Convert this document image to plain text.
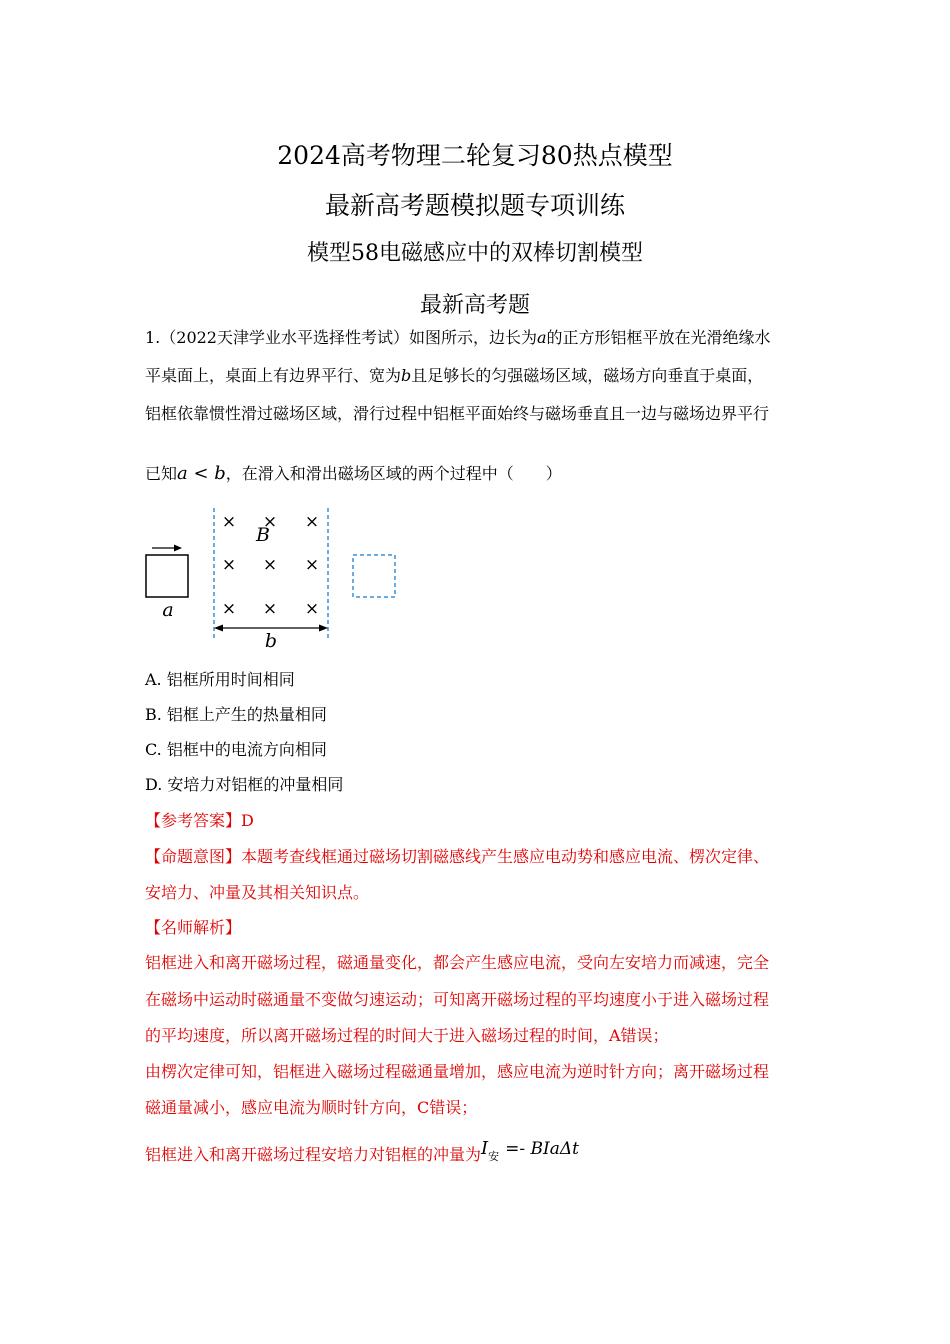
2024高考物理二轮复习80热点模型
最新高考题模拟题专项训练
模型58电磁感应中的双棒切割模型
最新高考题
1.（2022天津学业水平选择性考试）如图所示，边长为a的正方形铝框平放在光滑绝缘水
平桌面上，桌面上有边界平行、宽为b且足够长的匀强磁场区域，磁场方向垂直于桌面，
铝框依靠惯性滑过磁场区域，滑行过程中铝框平面始终与磁场垂直且一边与磁场边界平行
已知a < b，在滑入和滑出磁场区域的两个过程中（　　）
× × ×
× × ×
× × ×
B
a
b
A. 铝框所用时间相同
B. 铝框上产生的热量相同
C. 铝框中的电流方向相同
D. 安培力对铝框的冲量相同
【参考答案】D
【命题意图】本题考查线框通过磁场切割磁感线产生感应电动势和感应电流、楞次定律、
安培力、冲量及其相关知识点。
【名师解析】
铝框进入和离开磁场过程，磁通量变化，都会产生感应电流，受向左安培力而减速，完全
在磁场中运动时磁通量不变做匀速运动；可知离开磁场过程的平均速度小于进入磁场过程
的平均速度，所以离开磁场过程的时间大于进入磁场过程的时间，A错误；
由楞次定律可知，铝框进入磁场过程磁通量增加，感应电流为逆时针方向；离开磁场过程
磁通量减小，感应电流为顺时针方向，C错误；
铝框进入和离开磁场过程安培力对铝框的冲量为I安 =- BIaΔt
